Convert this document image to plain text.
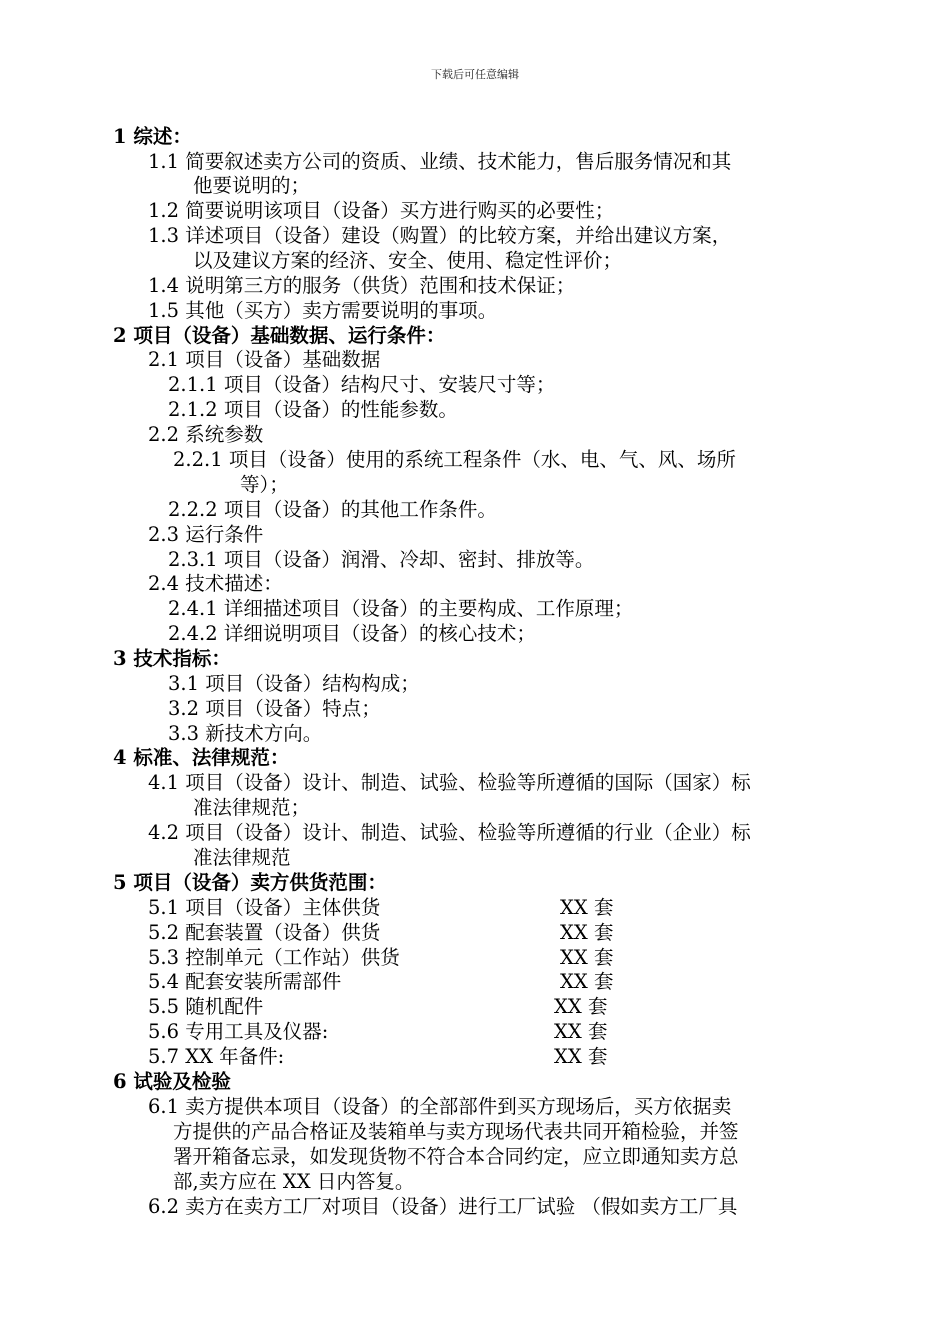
下载后可任意编辑
1 综述：
1.1 简要叙述卖方公司的资质、业绩、技术能力，售后服务情况和其
他要说明的；
1.2 简要说明该项目（设备）买方进行购买的必要性；
1.3 详述项目（设备）建设（购置）的比较方案，并给出建议方案，
以及建议方案的经济、安全、使用、稳定性评价；
1.4 说明第三方的服务（供货）范围和技术保证；
1.5 其他（买方）卖方需要说明的事项。
2 项目（设备）基础数据、运行条件：
2.1 项目（设备）基础数据
2.1.1 项目（设备）结构尺寸、安装尺寸等；
2.1.2 项目（设备）的性能参数。
2.2 系统参数
2.2.1 项目（设备）使用的系统工程条件（水、电、气、风、场所
等）；
2.2.2 项目（设备）的其他工作条件。
2.3 运行条件
2.3.1 项目（设备）润滑、冷却、密封、排放等。
2.4 技术描述：
2.4.1 详细描述项目（设备）的主要构成、工作原理；
2.4.2 详细说明项目（设备）的核心技术；
3 技术指标：
3.1 项目（设备）结构构成；
3.2 项目（设备）特点；
3.3 新技术方向。
4 标准、法律规范：
4.1 项目（设备）设计、制造、试验、检验等所遵循的国际（国家）标
准法律规范；
4.2 项目（设备）设计、制造、试验、检验等所遵循的行业（企业）标
准法律规范
5 项目（设备）卖方供货范围：
5.1 项目（设备）主体供货	XX 套
5.2 配套装置（设备）供货	XX 套
5.3 控制单元（工作站）供货	XX 套
5.4 配套安装所需部件	XX 套
5.5 随机配件	XX 套
5.6 专用工具及仪器:	XX 套
5.7 XX 年备件:	XX 套
6 试验及检验
6.1 卖方提供本项目（设备）的全部部件到买方现场后，买方依据卖
方提供的产品合格证及装箱单与卖方现场代表共同开箱检验，并签
署开箱备忘录，如发现货物不符合本合同约定，应立即通知卖方总
部,卖方应在 XX 日内答复。
6.2 卖方在卖方工厂对项目（设备）进行工厂试验 （假如卖方工厂具
